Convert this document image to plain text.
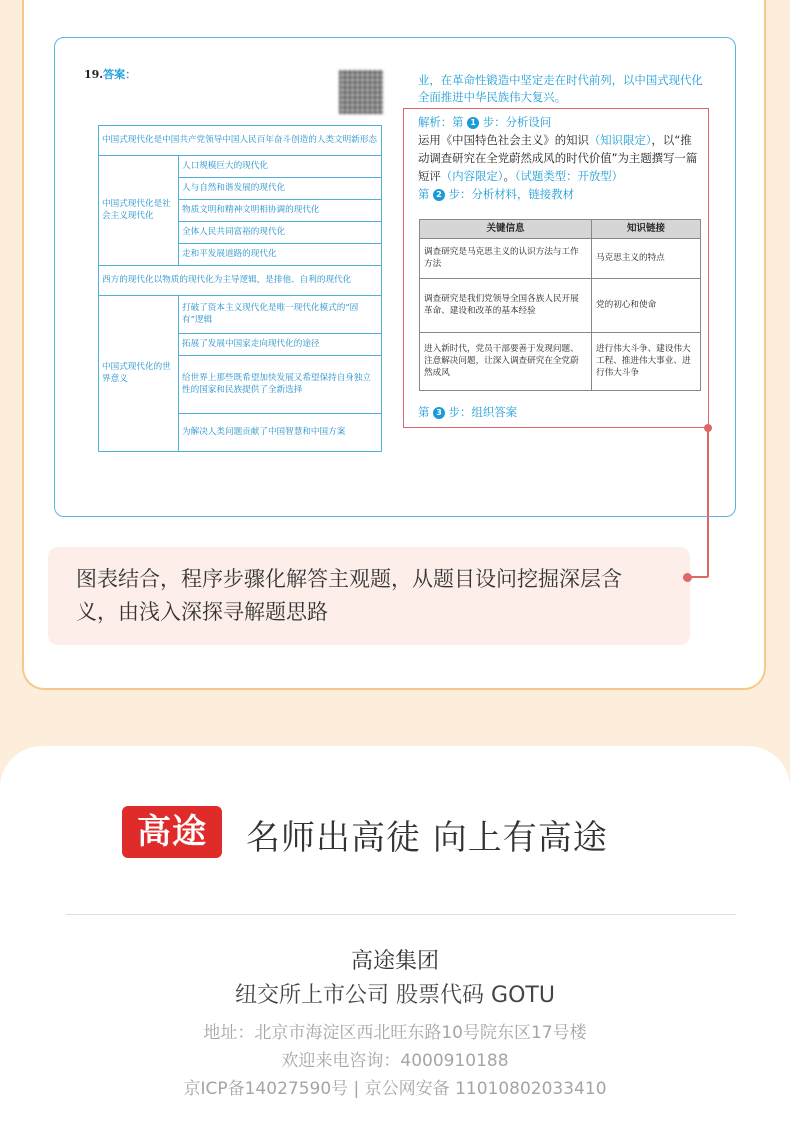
19.答案：
中国式现代化是中国共产党领导中国人民百年奋斗创造的人类文明新形态	
中国式现代化是社会主义现代化	人口规模巨大的现代化
	人与自然和谐发展的现代化
	物质文明和精神文明相协调的现代化
	全体人民共同富裕的现代化
	走和平发展道路的现代化
西方的现代化以物质的现代化为主导逻辑，是排他、自利的现代化	
中国式现代化的世界意义	打破了资本主义现代化是唯一现代化模式的“固有”逻辑
	拓展了发展中国家走向现代化的途径
	给世界上那些既希望加快发展又希望保持自身独立性的国家和民族提供了全新选择
	为解决人类问题贡献了中国智慧和中国方案
业，在革命性锻造中坚定走在时代前列，以中国式现代化全面推进中华民族伟大复兴。
解析：第 1 步：分析设问
运用《中国特色社会主义》的知识（知识限定），以“推动调查研究在全党蔚然成风的时代价值”为主题撰写一篇短评（内容限定）。（试题类型：开放型）
第 2 步：分析材料，链接教材
关键信息	知识链接
调查研究是马克思主义的认识方法与工作方法	马克思主义的特点
调查研究是我们党领导全国各族人民开展革命、建设和改革的基本经验	党的初心和使命
进入新时代，党员干部要善于发现问题、注意解决问题，让深入调查研究在全党蔚然成风	进行伟大斗争、建设伟大工程、推进伟大事业、进行伟大斗争
第 3 步：组织答案
图表结合，程序步骤化解答主观题，从题目设问挖掘深层含义，由浅入深探寻解题思路
高途	名师出高徒 向上有高途
高途集团
纽交所上市公司 股票代码 GOTU
地址：北京市海淀区西北旺东路10号院东区17号楼
欢迎来电咨询：4000910188
京ICP备14027590号 | 京公网安备 11010802033410
